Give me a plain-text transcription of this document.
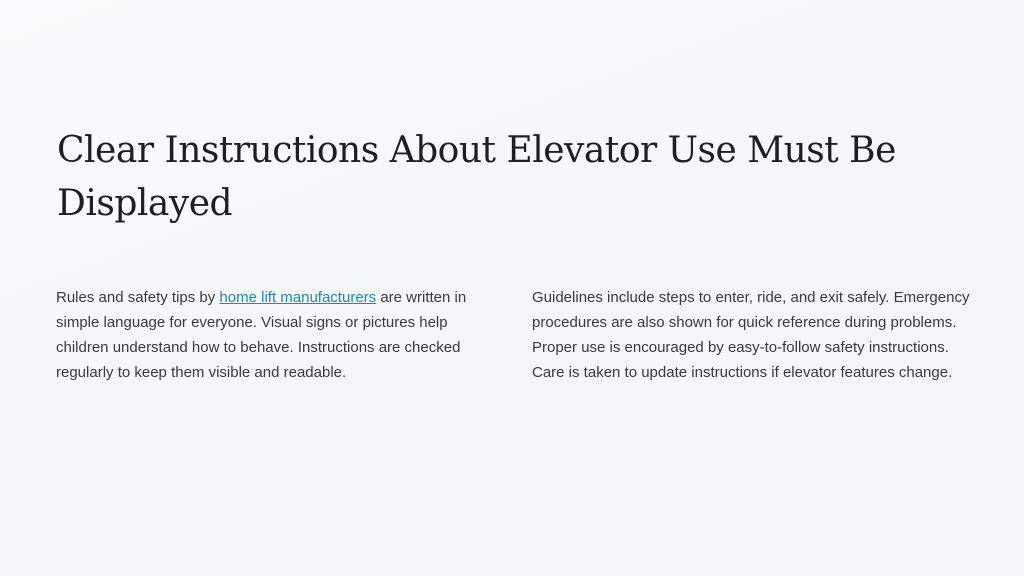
Clear Instructions About Elevator Use Must Be Displayed

Rules and safety tips by home lift manufacturers are written in simple language for everyone. Visual signs or pictures help children understand how to behave. Instructions are checked regularly to keep them visible and readable.

Guidelines include steps to enter, ride, and exit safely. Emergency procedures are also shown for quick reference during problems. Proper use is encouraged by easy-to-follow safety instructions. Care is taken to update instructions if elevator features change.
